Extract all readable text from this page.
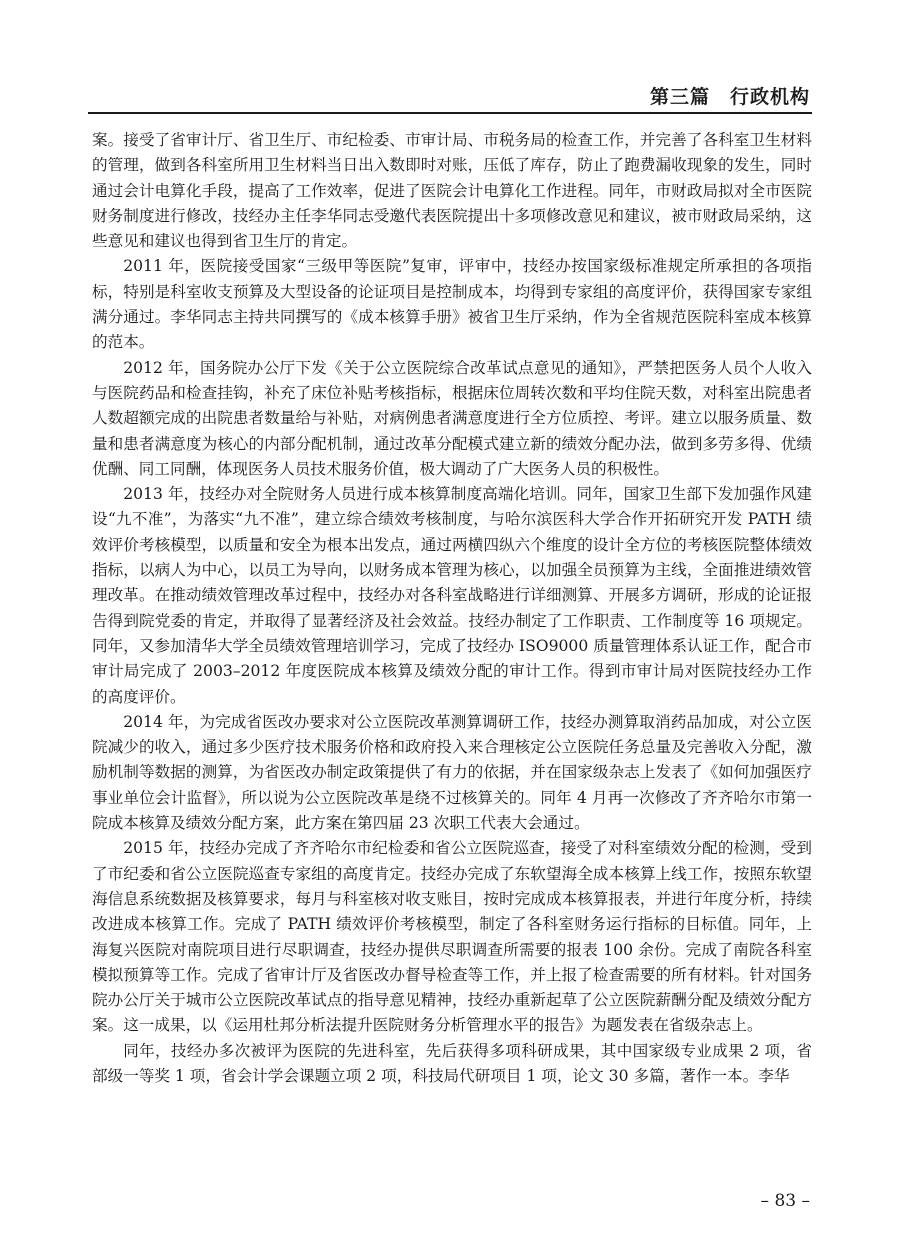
第三篇　行政机构

案。接受了省审计厅、省卫生厅、市纪检委、市审计局、市税务局的检查工作，并完善了各科室卫生材料的管理，做到各科室所用卫生材料当日出入数即时对账，压低了库存，防止了跑费漏收现象的发生，同时通过会计电算化手段，提高了工作效率，促进了医院会计电算化工作进程。同年，市财政局拟对全市医院财务制度进行修改，技经办主任李华同志受邀代表医院提出十多项修改意见和建议，被市财政局采纳，这些意见和建议也得到省卫生厅的肯定。

2011 年，医院接受国家“三级甲等医院”复审，评审中，技经办按国家级标准规定所承担的各项指标，特别是科室收支预算及大型设备的论证项目是控制成本，均得到专家组的高度评价，获得国家专家组满分通过。李华同志主持共同撰写的《成本核算手册》被省卫生厅采纳，作为全省规范医院科室成本核算的范本。

2012 年，国务院办公厅下发《关于公立医院综合改革试点意见的通知》，严禁把医务人员个人收入与医院药品和检查挂钩，补充了床位补贴考核指标，根据床位周转次数和平均住院天数，对科室出院患者人数超额完成的出院患者数量给与补贴，对病例患者满意度进行全方位质控、考评。建立以服务质量、数量和患者满意度为核心的内部分配机制，通过改革分配模式建立新的绩效分配办法，做到多劳多得、优绩优酬、同工同酬，体现医务人员技术服务价值，极大调动了广大医务人员的积极性。

2013 年，技经办对全院财务人员进行成本核算制度高端化培训。同年，国家卫生部下发加强作风建设“九不准”，为落实“九不准”，建立综合绩效考核制度，与哈尔滨医科大学合作开拓研究开发 PATH 绩效评价考核模型，以质量和安全为根本出发点，通过两横四纵六个维度的设计全方位的考核医院整体绩效指标，以病人为中心，以员工为导向，以财务成本管理为核心，以加强全员预算为主线，全面推进绩效管理改革。在推动绩效管理改革过程中，技经办对各科室战略进行详细测算、开展多方调研，形成的论证报告得到院党委的肯定，并取得了显著经济及社会效益。技经办制定了工作职责、工作制度等 16 项规定。同年，又参加清华大学全员绩效管理培训学习，完成了技经办 ISO9000 质量管理体系认证工作，配合市审计局完成了 2003–2012 年度医院成本核算及绩效分配的审计工作。得到市审计局对医院技经办工作的高度评价。

2014 年，为完成省医改办要求对公立医院改革测算调研工作，技经办测算取消药品加成，对公立医院减少的收入，通过多少医疗技术服务价格和政府投入来合理核定公立医院任务总量及完善收入分配，激励机制等数据的测算，为省医改办制定政策提供了有力的依据，并在国家级杂志上发表了《如何加强医疗事业单位会计监督》，所以说为公立医院改革是绕不过核算关的。同年 4 月再一次修改了齐齐哈尔市第一院成本核算及绩效分配方案，此方案在第四届 23 次职工代表大会通过。

2015 年，技经办完成了齐齐哈尔市纪检委和省公立医院巡查，接受了对科室绩效分配的检测，受到了市纪委和省公立医院巡查专家组的高度肯定。技经办完成了东软望海全成本核算上线工作，按照东软望海信息系统数据及核算要求，每月与科室核对收支账目，按时完成成本核算报表，并进行年度分析，持续改进成本核算工作。完成了 PATH 绩效评价考核模型，制定了各科室财务运行指标的目标值。同年，上海复兴医院对南院项目进行尽职调查，技经办提供尽职调查所需要的报表 100 余份。完成了南院各科室模拟预算等工作。完成了省审计厅及省医改办督导检查等工作，并上报了检查需要的所有材料。针对国务院办公厅关于城市公立医院改革试点的指导意见精神，技经办重新起草了公立医院薪酬分配及绩效分配方案。这一成果，以《运用杜邦分析法提升医院财务分析管理水平的报告》为题发表在省级杂志上。

同年，技经办多次被评为医院的先进科室，先后获得多项科研成果，其中国家级专业成果 2 项，省部级一等奖 1 项，省会计学会课题立项 2 项，科技局代研项目 1 项，论文 30 多篇，著作一本。李华

– 83 –
